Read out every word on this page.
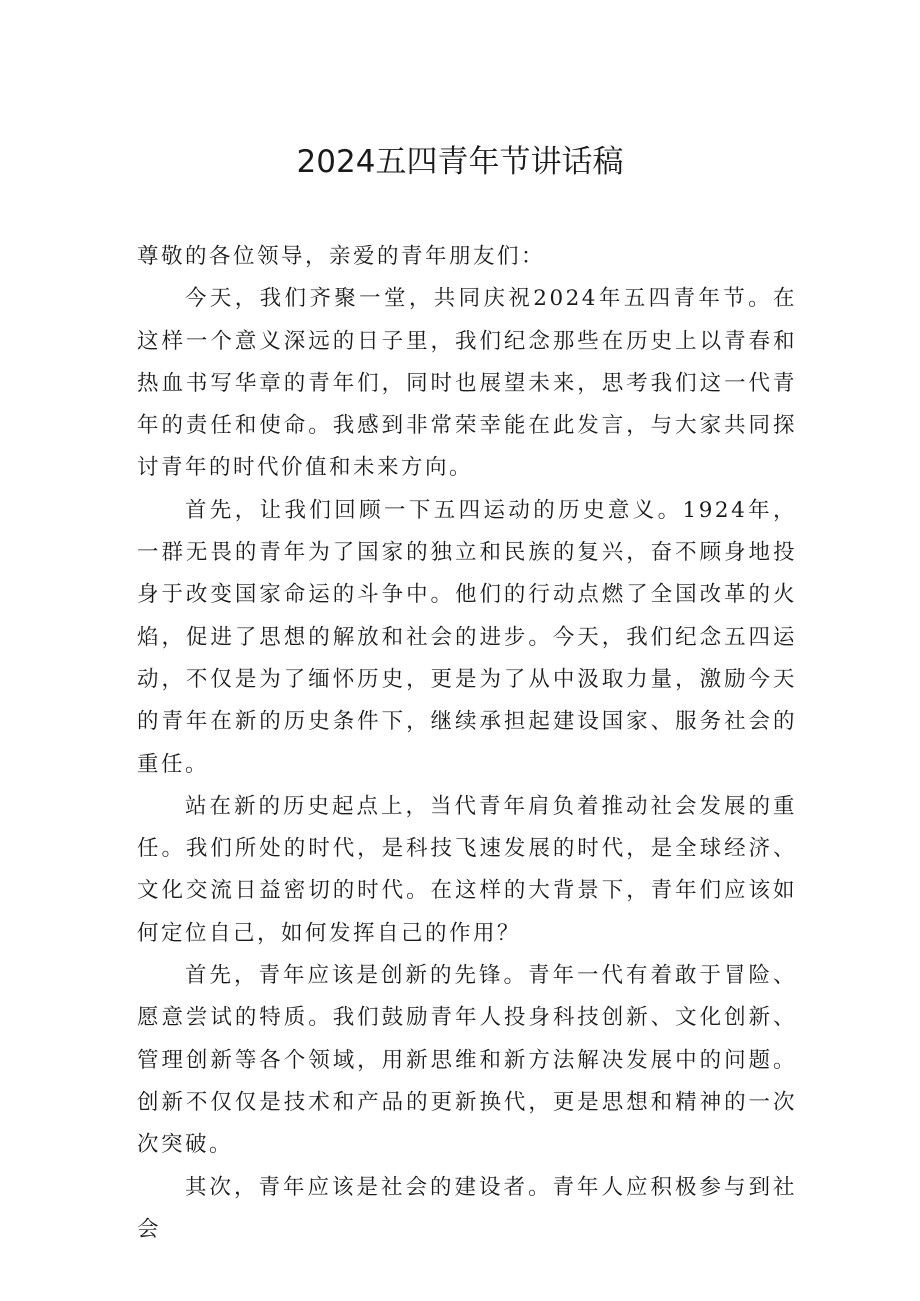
2024五四青年节讲话稿

尊敬的各位领导，亲爱的青年朋友们：

今天，我们齐聚一堂，共同庆祝2024年五四青年节。在这样一个意义深远的日子里，我们纪念那些在历史上以青春和热血书写华章的青年们，同时也展望未来，思考我们这一代青年的责任和使命。我感到非常荣幸能在此发言，与大家共同探讨青年的时代价值和未来方向。

首先，让我们回顾一下五四运动的历史意义。1924年，一群无畏的青年为了国家的独立和民族的复兴，奋不顾身地投身于改变国家命运的斗争中。他们的行动点燃了全国改革的火焰，促进了思想的解放和社会的进步。今天，我们纪念五四运动，不仅是为了缅怀历史，更是为了从中汲取力量，激励今天的青年在新的历史条件下，继续承担起建设国家、服务社会的重任。

站在新的历史起点上，当代青年肩负着推动社会发展的重任。我们所处的时代，是科技飞速发展的时代，是全球经济、文化交流日益密切的时代。在这样的大背景下，青年们应该如何定位自己，如何发挥自己的作用？

首先，青年应该是创新的先锋。青年一代有着敢于冒险、愿意尝试的特质。我们鼓励青年人投身科技创新、文化创新、管理创新等各个领域，用新思维和新方法解决发展中的问题。创新不仅仅是技术和产品的更新换代，更是思想和精神的一次次突破。

其次，青年应该是社会的建设者。青年人应积极参与到社会
